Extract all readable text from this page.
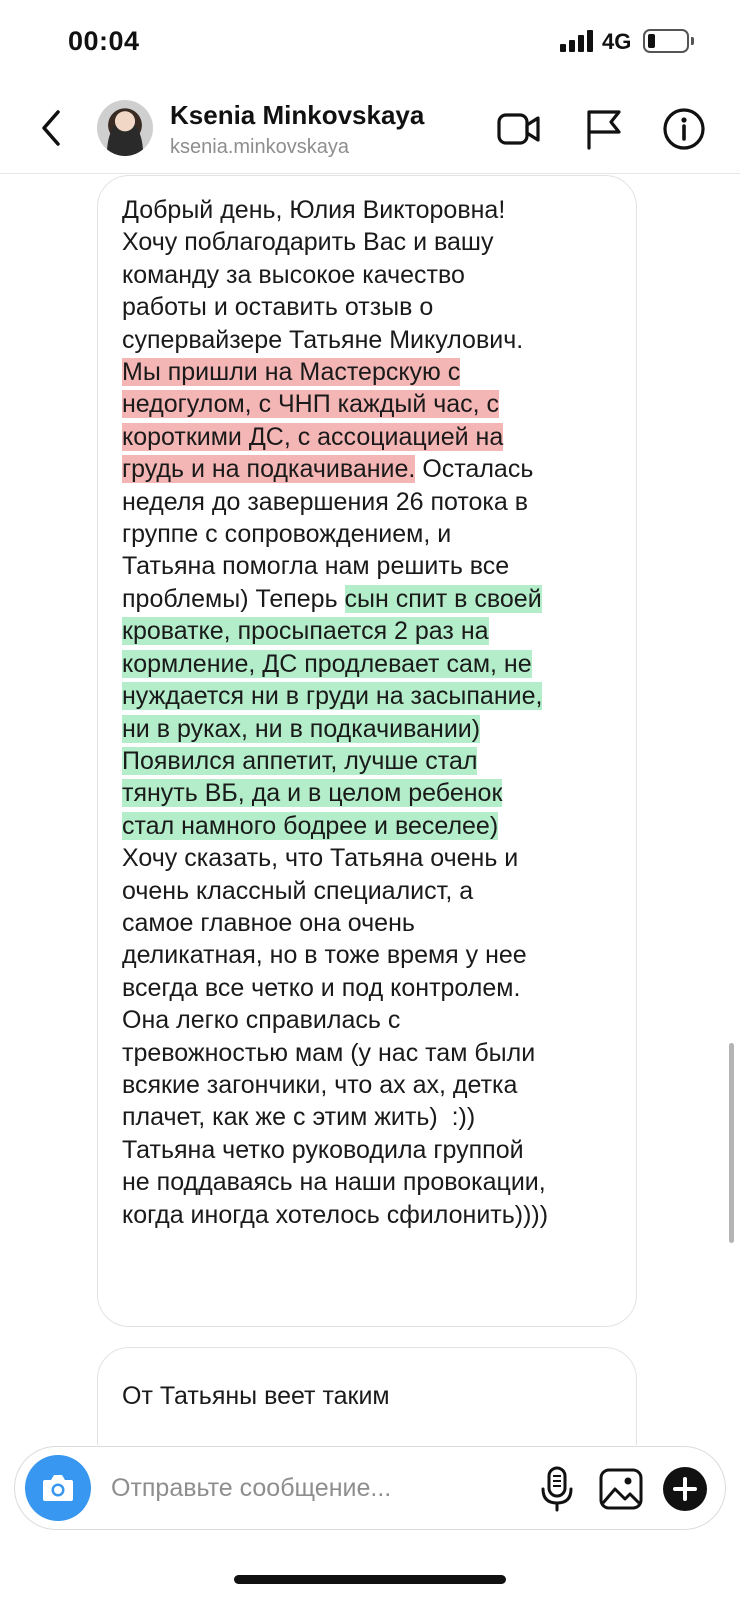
00:04	4G
Ksenia Minkovskaya
ksenia.minkovskaya
Добрый день, Юлия Викторовна!
Хочу поблагодарить Вас и вашу
команду за высокое качество
работы и оставить отзыв о
супервайзере Татьяне Микулович.
Мы пришли на Мастерскую с
недогулом, с ЧНП каждый час, с
короткими ДС, с ассоциацией на
грудь и на подкачивание. Осталась
неделя до завершения 26 потока в
группе с сопровождением, и
Татьяна помогла нам решить все
проблемы) Теперь сын спит в своей
кроватке, просыпается 2 раз на
кормление, ДС продлевает сам, не
нуждается ни в груди на засыпание,
ни в руках, ни в подкачивании)
Появился аппетит, лучше стал
тянуть ВБ, да и в целом ребенок
стал намного бодрее и веселее)
Хочу сказать, что Татьяна очень и
очень классный специалист, а
самое главное она очень
деликатная, но в тоже время у нее
всегда все четко и под контролем.
Она легко справилась с
тревожностью мам (у нас там были
всякие загончики, что ах ах, детка
плачет, как же с этим жить)  :))
Татьяна четко руководила группой
не поддаваясь на наши провокации,
когда иногда хотелось сфилонить))))
От Татьяны веет таким
Отправьте сообщение...
